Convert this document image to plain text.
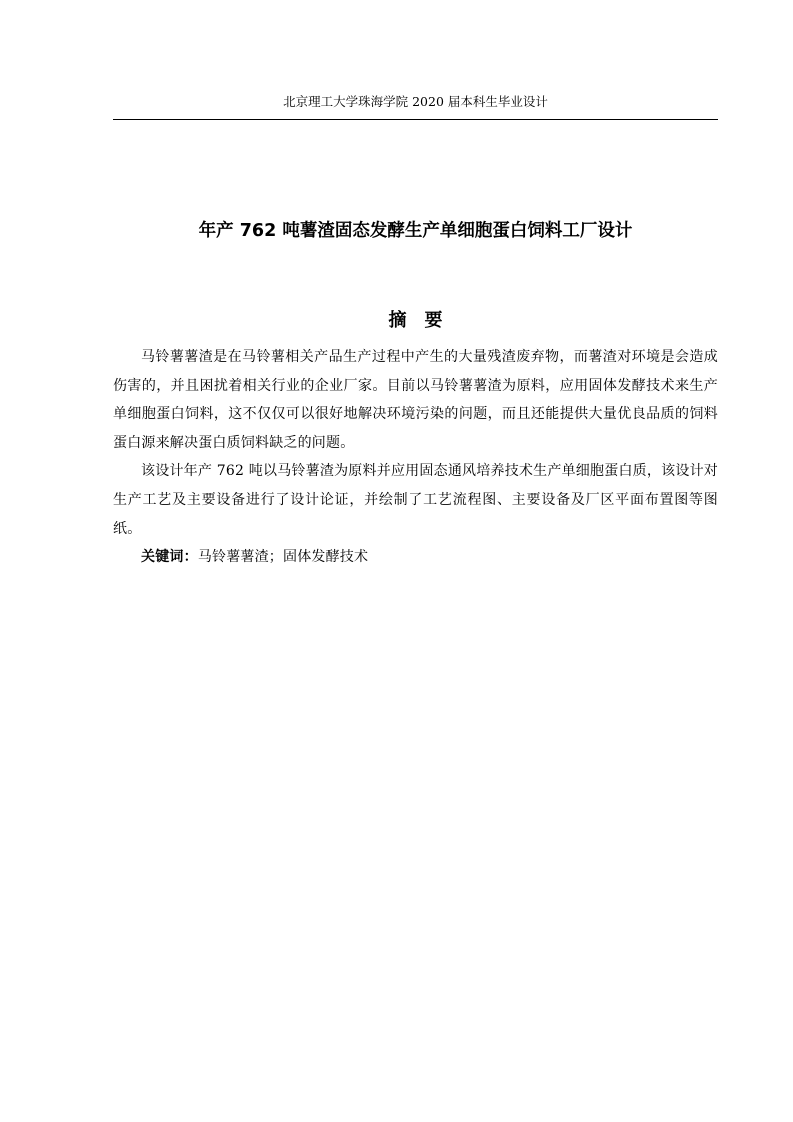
北京理工大学珠海学院 2020 届本科生毕业设计
年产 762 吨薯渣固态发酵生产单细胞蛋白饲料工厂设计
摘　要

马铃薯薯渣是在马铃薯相关产品生产过程中产生的大量残渣废弃物，而薯渣对环境是会造成伤害的，并且困扰着相关行业的企业厂家。目前以马铃薯薯渣为原料，应用固体发酵技术来生产单细胞蛋白饲料，这不仅仅可以很好地解决环境污染的问题，而且还能提供大量优良品质的饲料蛋白源来解决蛋白质饲料缺乏的问题。

该设计年产 762 吨以马铃薯渣为原料并应用固态通风培养技术生产单细胞蛋白质，该设计对生产工艺及主要设备进行了设计论证，并绘制了工艺流程图、主要设备及厂区平面布置图等图纸。

关键词：马铃薯薯渣；固体发酵技术
